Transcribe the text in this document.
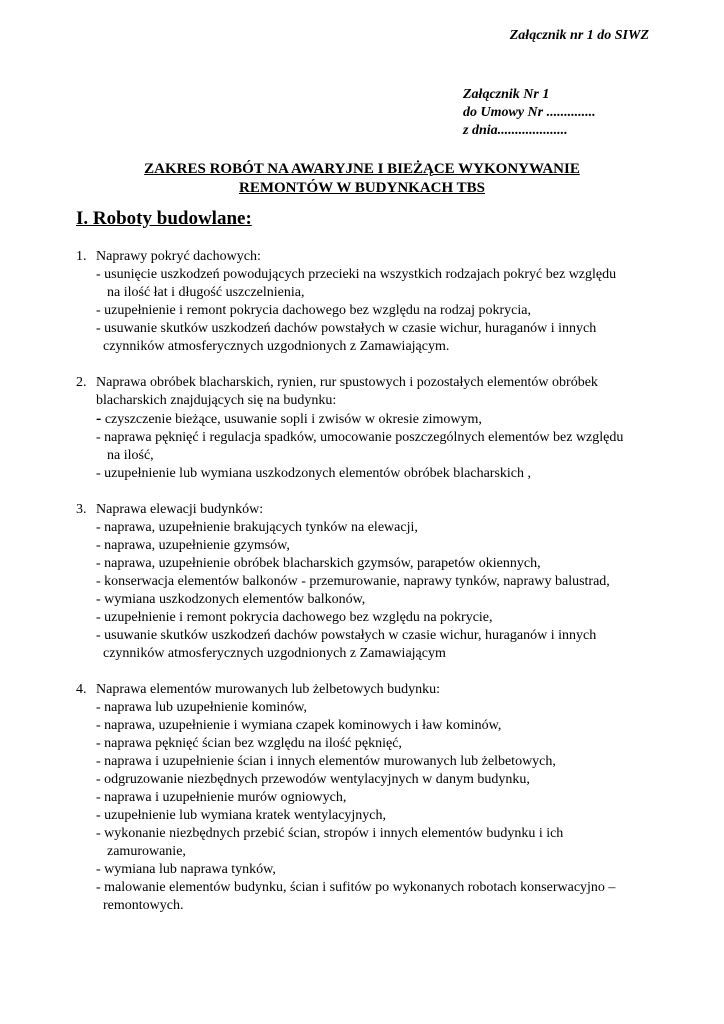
Załącznik nr 1 do SIWZ
Załącznik Nr 1
do Umowy Nr ..............
z dnia....................
ZAKRES ROBÓT NA AWARYJNE I BIEŻĄCE WYKONYWANIE
REMONTÓW W BUDYNKACH TBS
I. Roboty budowlane:
1. Naprawy pokryć dachowych:
- usunięcie uszkodzeń powodujących przecieki na wszystkich rodzajach pokryć bez względu
na ilość łat i długość uszczelnienia,
- uzupełnienie i remont pokrycia dachowego bez względu na rodzaj pokrycia,
- usuwanie skutków uszkodzeń dachów powstałych w czasie wichur, huraganów i innych
czynników atmosferycznych uzgodnionych z Zamawiającym.
2. Naprawa obróbek blacharskich, rynien, rur spustowych i pozostałych elementów obróbek
blacharskich znajdujących się na budynku:
- czyszczenie bieżące, usuwanie sopli i zwisów w okresie zimowym,
- naprawa pęknięć i regulacja spadków, umocowanie poszczególnych elementów bez względu
na ilość,
- uzupełnienie lub wymiana uszkodzonych elementów obróbek blacharskich ,
3. Naprawa elewacji budynków:
- naprawa, uzupełnienie brakujących tynków na elewacji,
- naprawa, uzupełnienie gzymsów,
- naprawa, uzupełnienie obróbek blacharskich gzymsów, parapetów okiennych,
- konserwacja elementów balkonów - przemurowanie, naprawy tynków, naprawy balustrad,
- wymiana uszkodzonych elementów balkonów,
- uzupełnienie i remont pokrycia dachowego bez względu na pokrycie,
- usuwanie skutków uszkodzeń dachów powstałych w czasie wichur, huraganów i innych
czynników atmosferycznych uzgodnionych z Zamawiającym
4. Naprawa elementów murowanych lub żelbetowych budynku:
- naprawa lub uzupełnienie kominów,
- naprawa, uzupełnienie i wymiana czapek kominowych i ław kominów,
- naprawa pęknięć ścian bez względu na ilość pęknięć,
- naprawa i uzupełnienie ścian i innych elementów murowanych lub żelbetowych,
- odgruzowanie niezbędnych przewodów wentylacyjnych w danym budynku,
- naprawa i uzupełnienie murów ogniowych,
- uzupełnienie lub wymiana kratek wentylacyjnych,
- wykonanie niezbędnych przebić ścian, stropów i innych elementów budynku i ich
zamurowanie,
- wymiana lub naprawa tynków,
- malowanie elementów budynku, ścian i sufitów po wykonanych robotach konserwacyjno –
remontowych.
